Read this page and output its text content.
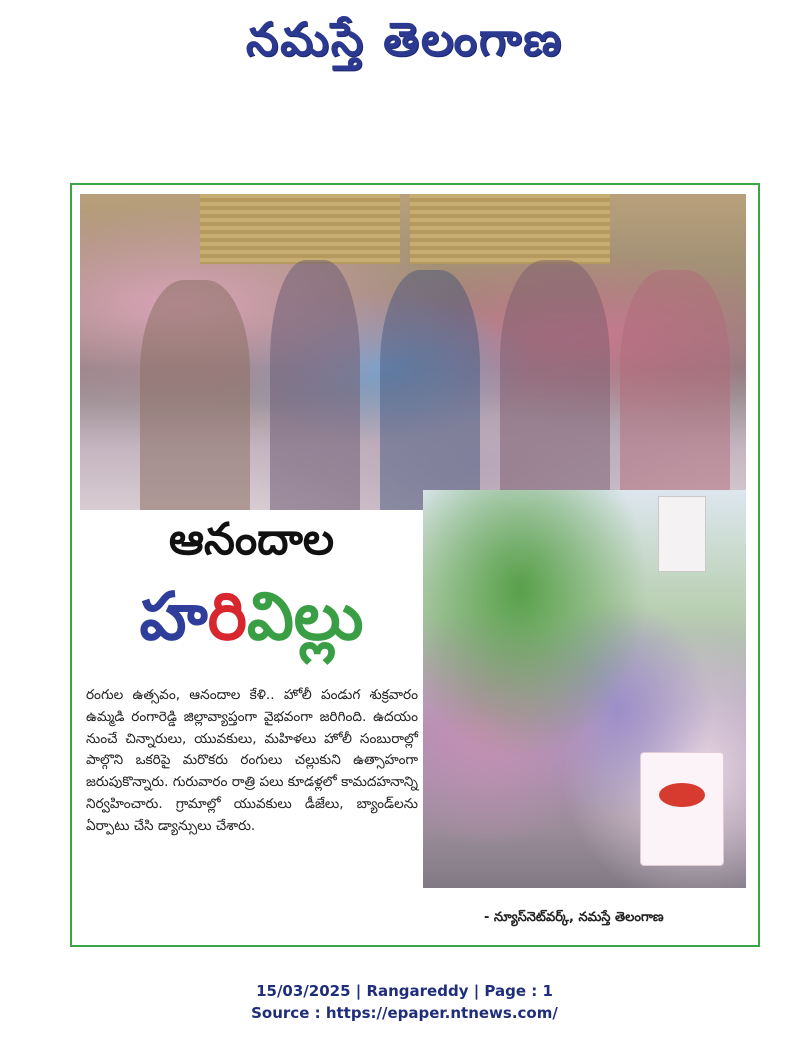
నమస్తే తెలంగాణ
ఆనందాల
హరివిల్లు

రంగుల ఉత్సవం, ఆనందాల కేళి.. హోలీ పండుగ శుక్రవారం ఉమ్మడి రంగారెడ్డి జిల్లావ్యాప్తంగా వైభవంగా జరిగింది. ఉదయం నుంచే చిన్నారులు, యువకులు, మహిళలు హోలీ సంబురాల్లో పాల్గొని ఒకరిపై మరొకరు రంగులు చల్లుకుని ఉత్సాహంగా జరుపుకొన్నారు. గురువారం రాత్రి పలు కూడళ్లలో కామదహనాన్ని నిర్వహించారు. గ్రామాల్లో యువకులు డీజేలు, బ్యాండ్‌లను ఏర్పాటు చేసి డ్యాన్సులు చేశారు.

- న్యూస్‌నెట్‌వర్క్, నమస్తే తెలంగాణ
15/03/2025 | Rangareddy | Page : 1
Source : https://epaper.ntnews.com/
